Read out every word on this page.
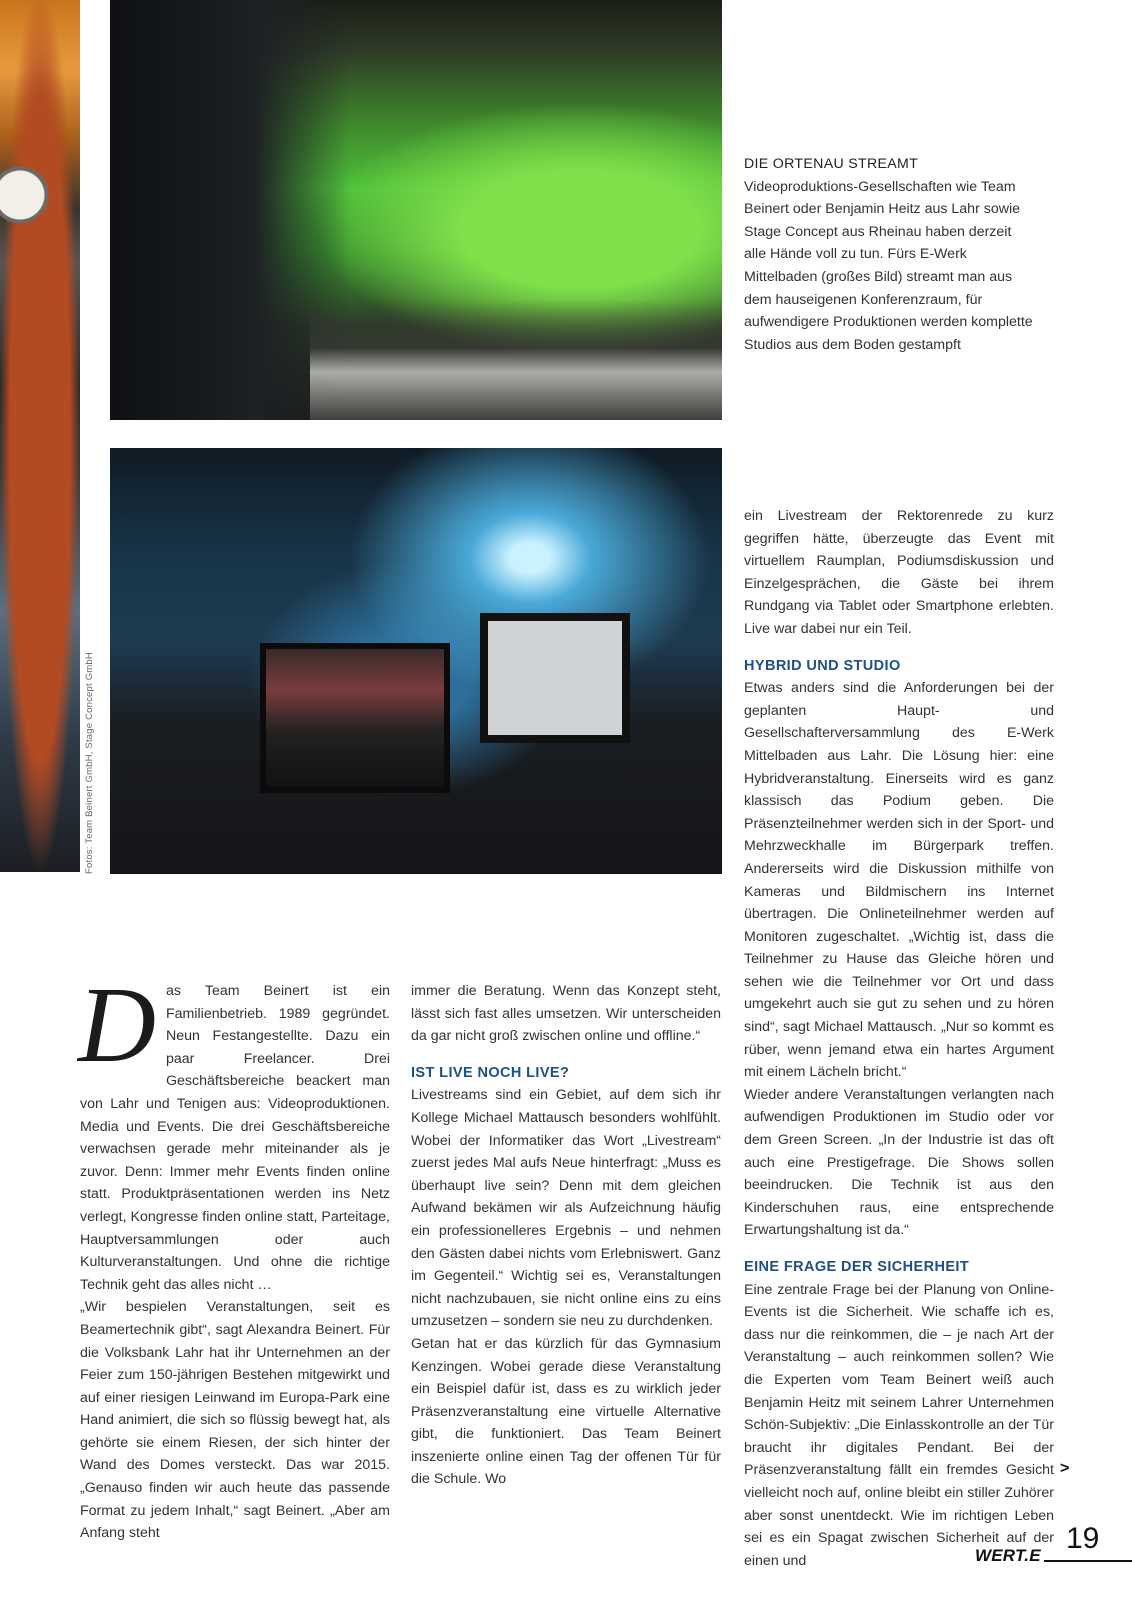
Fotos: Team Beinert GmbH, Stage Concept GmbH
DIE ORTENAU STREAMT
Videoproduktions-Gesellschaften wie Team Beinert oder Benjamin Heitz aus Lahr sowie Stage Concept aus Rheinau haben derzeit alle Hände voll zu tun. Fürs E-Werk Mittelbaden (großes Bild) streamt man aus dem hauseigenen Konferenzraum, für aufwendigere Produktionen werden komplette Studios aus dem Boden gestampft
D as Team Beinert ist ein Familienbetrieb. 1989 gegründet. Neun Festangestellte. Dazu ein paar Freelancer. Drei Geschäftsbereiche beackert man von Lahr und Tenigen aus: Videoproduktionen. Media und Events. Die drei Geschäftsbereiche verwachsen gerade mehr miteinander als je zuvor. Denn: Immer mehr Events finden online statt. Produktpräsentationen werden ins Netz verlegt, Kongresse finden online statt, Parteitage, Hauptversammlungen oder auch Kulturveranstaltungen. Und ohne die richtige Technik geht das alles nicht …

„Wir bespielen Veranstaltungen, seit es Beamertechnik gibt“, sagt Alexandra Beinert. Für die Volksbank Lahr hat ihr Unternehmen an der Feier zum 150-jährigen Bestehen mitgewirkt und auf einer riesigen Leinwand im Europa-Park eine Hand animiert, die sich so flüssig bewegt hat, als gehörte sie einem Riesen, der sich hinter der Wand des Domes versteckt. Das war 2015. „Genauso finden wir auch heute das passende Format zu jedem Inhalt,“ sagt Beinert. „Aber am Anfang steht

immer die Beratung. Wenn das Konzept steht, lässt sich fast alles umsetzen. Wir unterscheiden da gar nicht groß zwischen online und offline.“

IST LIVE NOCH LIVE?

Livestreams sind ein Gebiet, auf dem sich ihr Kollege Michael Mattausch besonders wohlfühlt. Wobei der Informatiker das Wort „Livestream“ zuerst jedes Mal aufs Neue hinterfragt: „Muss es überhaupt live sein? Denn mit dem gleichen Aufwand bekämen wir als Aufzeichnung häufig ein professionelleres Ergebnis – und nehmen den Gästen dabei nichts vom Erlebniswert. Ganz im Gegenteil.“ Wichtig sei es, Veranstaltungen nicht nachzubauen, sie nicht online eins zu eins umzusetzen – sondern sie neu zu durchdenken.

Getan hat er das kürzlich für das Gymnasium Kenzingen. Wobei gerade diese Veranstaltung ein Beispiel dafür ist, dass es zu wirklich jeder Präsenzveranstaltung eine virtuelle Alternative gibt, die funktioniert. Das Team Beinert inszenierte online einen Tag der offenen Tür für die Schule. Wo

ein Livestream der Rektorenrede zu kurz gegriffen hätte, überzeugte das Event mit virtuellem Raumplan, Podiumsdiskussion und Einzelgesprächen, die Gäste bei ihrem Rundgang via Tablet oder Smartphone erlebten. Live war dabei nur ein Teil.

HYBRID UND STUDIO

Etwas anders sind die Anforderungen bei der geplanten Haupt- und Gesellschafterversammlung des E-Werk Mittelbaden aus Lahr. Die Lösung hier: eine Hybridveranstaltung. Einerseits wird es ganz klassisch das Podium geben. Die Präsenzteilnehmer werden sich in der Sport- und Mehrzweckhalle im Bürgerpark treffen. Andererseits wird die Diskussion mithilfe von Kameras und Bildmischern ins Internet übertragen. Die Onlineteilnehmer werden auf Monitoren zugeschaltet. „Wichtig ist, dass die Teilnehmer zu Hause das Gleiche hören und sehen wie die Teilnehmer vor Ort und dass umgekehrt auch sie gut zu sehen und zu hören sind“, sagt Michael Mattausch. „Nur so kommt es rüber, wenn jemand etwa ein hartes Argument mit einem Lächeln bricht.“

Wieder andere Veranstaltungen verlangten nach aufwendigen Produktionen im Studio oder vor dem Green Screen. „In der Industrie ist das oft auch eine Prestigefrage. Die Shows sollen beeindrucken. Die Technik ist aus den Kinderschuhen raus, eine entsprechende Erwartungshaltung ist da.“

EINE FRAGE DER SICHERHEIT

Eine zentrale Frage bei der Planung von Online-Events ist die Sicherheit. Wie schaffe ich es, dass nur die reinkommen, die – je nach Art der Veranstaltung – auch reinkommen sollen? Wie die Experten vom Team Beinert weiß auch Benjamin Heitz mit seinem Lahrer Unternehmen Schön-Subjektiv: „Die Einlasskontrolle an der Tür braucht ihr digitales Pendant. Bei der Präsenzveranstaltung fällt ein fremdes Gesicht vielleicht noch auf, online bleibt ein stiller Zuhörer aber sonst unentdeckt. Wie im richtigen Leben sei es ein Spagat zwischen Sicherheit auf der einen und

>
WERT.E
19
